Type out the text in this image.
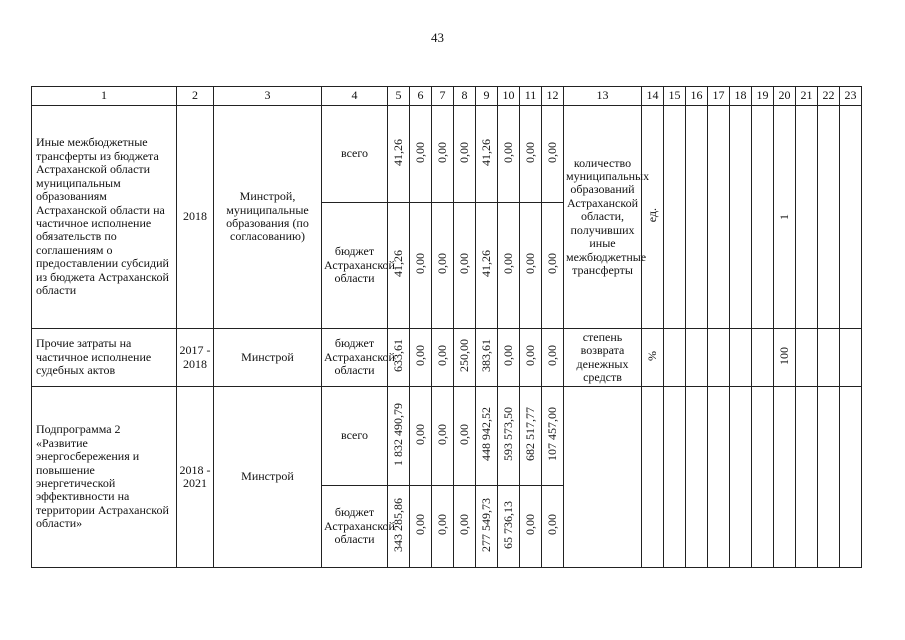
43
1	2	3	4	5	6	7	8	9	10	11	12	13	14	15	16	17	18	19	20	21	22	23
Иные межбюджетные трансферты из бюджета Астраханской области муниципальным образованиям Астраханской области на частичное исполнение обязательств по соглашениям о предоставлении субсидий из бюджета Астраханской области	2018	Минстрой, муниципальные образования (по согласованию)	всего	41,26	0,00	0,00	0,00	41,26	0,00	0,00	0,00	количество муниципальных образований Астраханской области, получивших иные межбюджетные трансферты	ед.						1			
			бюджет Астраханской области	41,26	0,00	0,00	0,00	41,26	0,00	0,00	0,00											
Прочие затраты на частичное исполнение судебных актов	2017 - 2018	Минстрой	бюджет Астраханской области	633,61	0,00	0,00	250,00	383,61	0,00	0,00	0,00	степень возврата денежных средств	%						100			
Подпрограмма 2 «Развитие энергосбережения и повышение энергетической эффективности на территории Астраханской области»	2018 - 2021	Минстрой	всего	1 832 490,79	0,00	0,00	0,00	448 942,52	593 573,50	682 517,77	107 457,00											
			бюджет Астраханской области	343 285,86	0,00	0,00	0,00	277 549,73	65 736,13	0,00	0,00											
